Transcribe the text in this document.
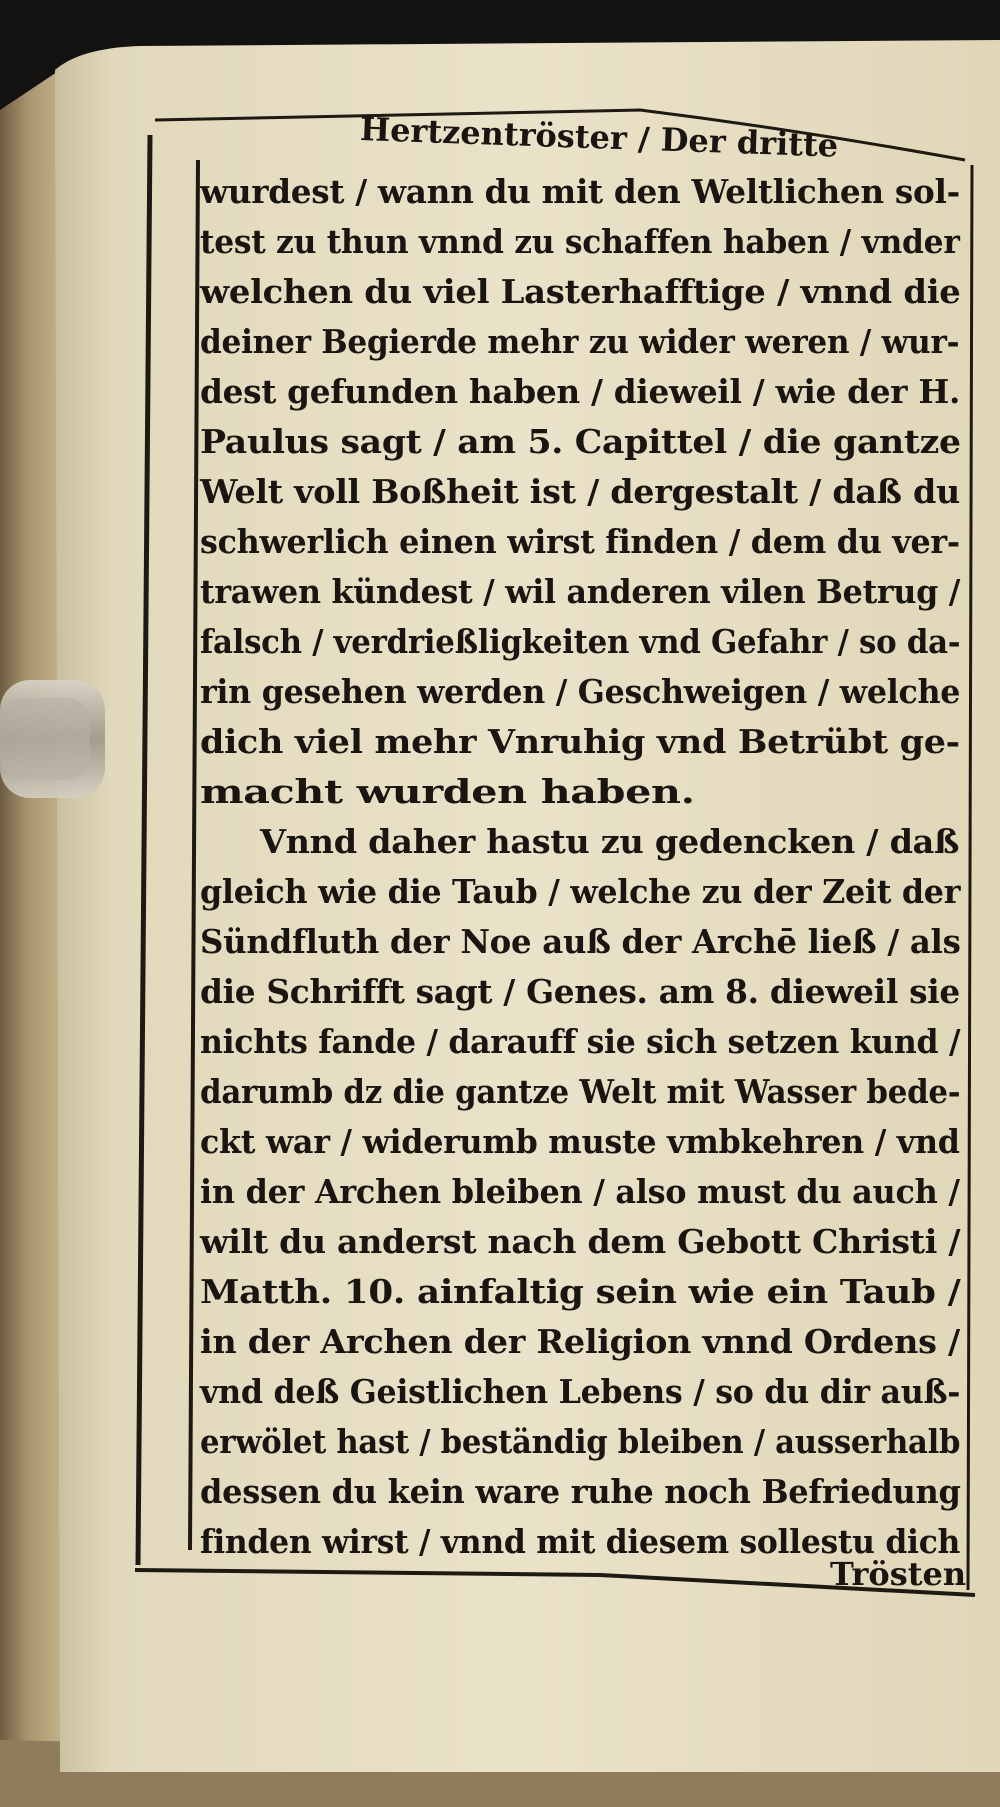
Hertzentröster / Der dritte
wurdest / wann du mit den Weltlichen sol-
test zu thun vnnd zu schaffen haben / vnder
welchen du viel Lasterhafftige / vnnd die
deiner Begierde mehr zu wider weren / wur-
dest gefunden haben / dieweil / wie der H.
Paulus sagt / am 5. Capittel / die gantze
Welt voll Boßheit ist / dergestalt / daß du
schwerlich einen wirst finden / dem du ver-
trawen kündest / wil anderen vilen Betrug /
falsch / verdrießligkeiten vnd Gefahr / so da-
rin gesehen werden / Geschweigen / welche
dich viel mehr Vnruhig vnd Betrübt ge-
macht wurden haben.
Vnnd daher hastu zu gedencken / daß
gleich wie die Taub / welche zu der Zeit der
Sündfluth der Noe auß der Archē ließ / als
die Schrifft sagt / Genes. am 8. dieweil sie
nichts fande / darauff sie sich setzen kund /
darumb dz die gantze Welt mit Wasser bede-
ckt war / widerumb muste vmbkehren / vnd
in der Archen bleiben / also must du auch /
wilt du anderst nach dem Gebott Christi /
Matth. 10. ainfaltig sein wie ein Taub /
in der Archen der Religion vnnd Ordens /
vnd deß Geistlichen Lebens / so du dir auß-
erwölet hast / beständig bleiben / ausserhalb
dessen du kein ware ruhe noch Befriedung
finden wirst / vnnd mit diesem sollestu dich
Trösten
